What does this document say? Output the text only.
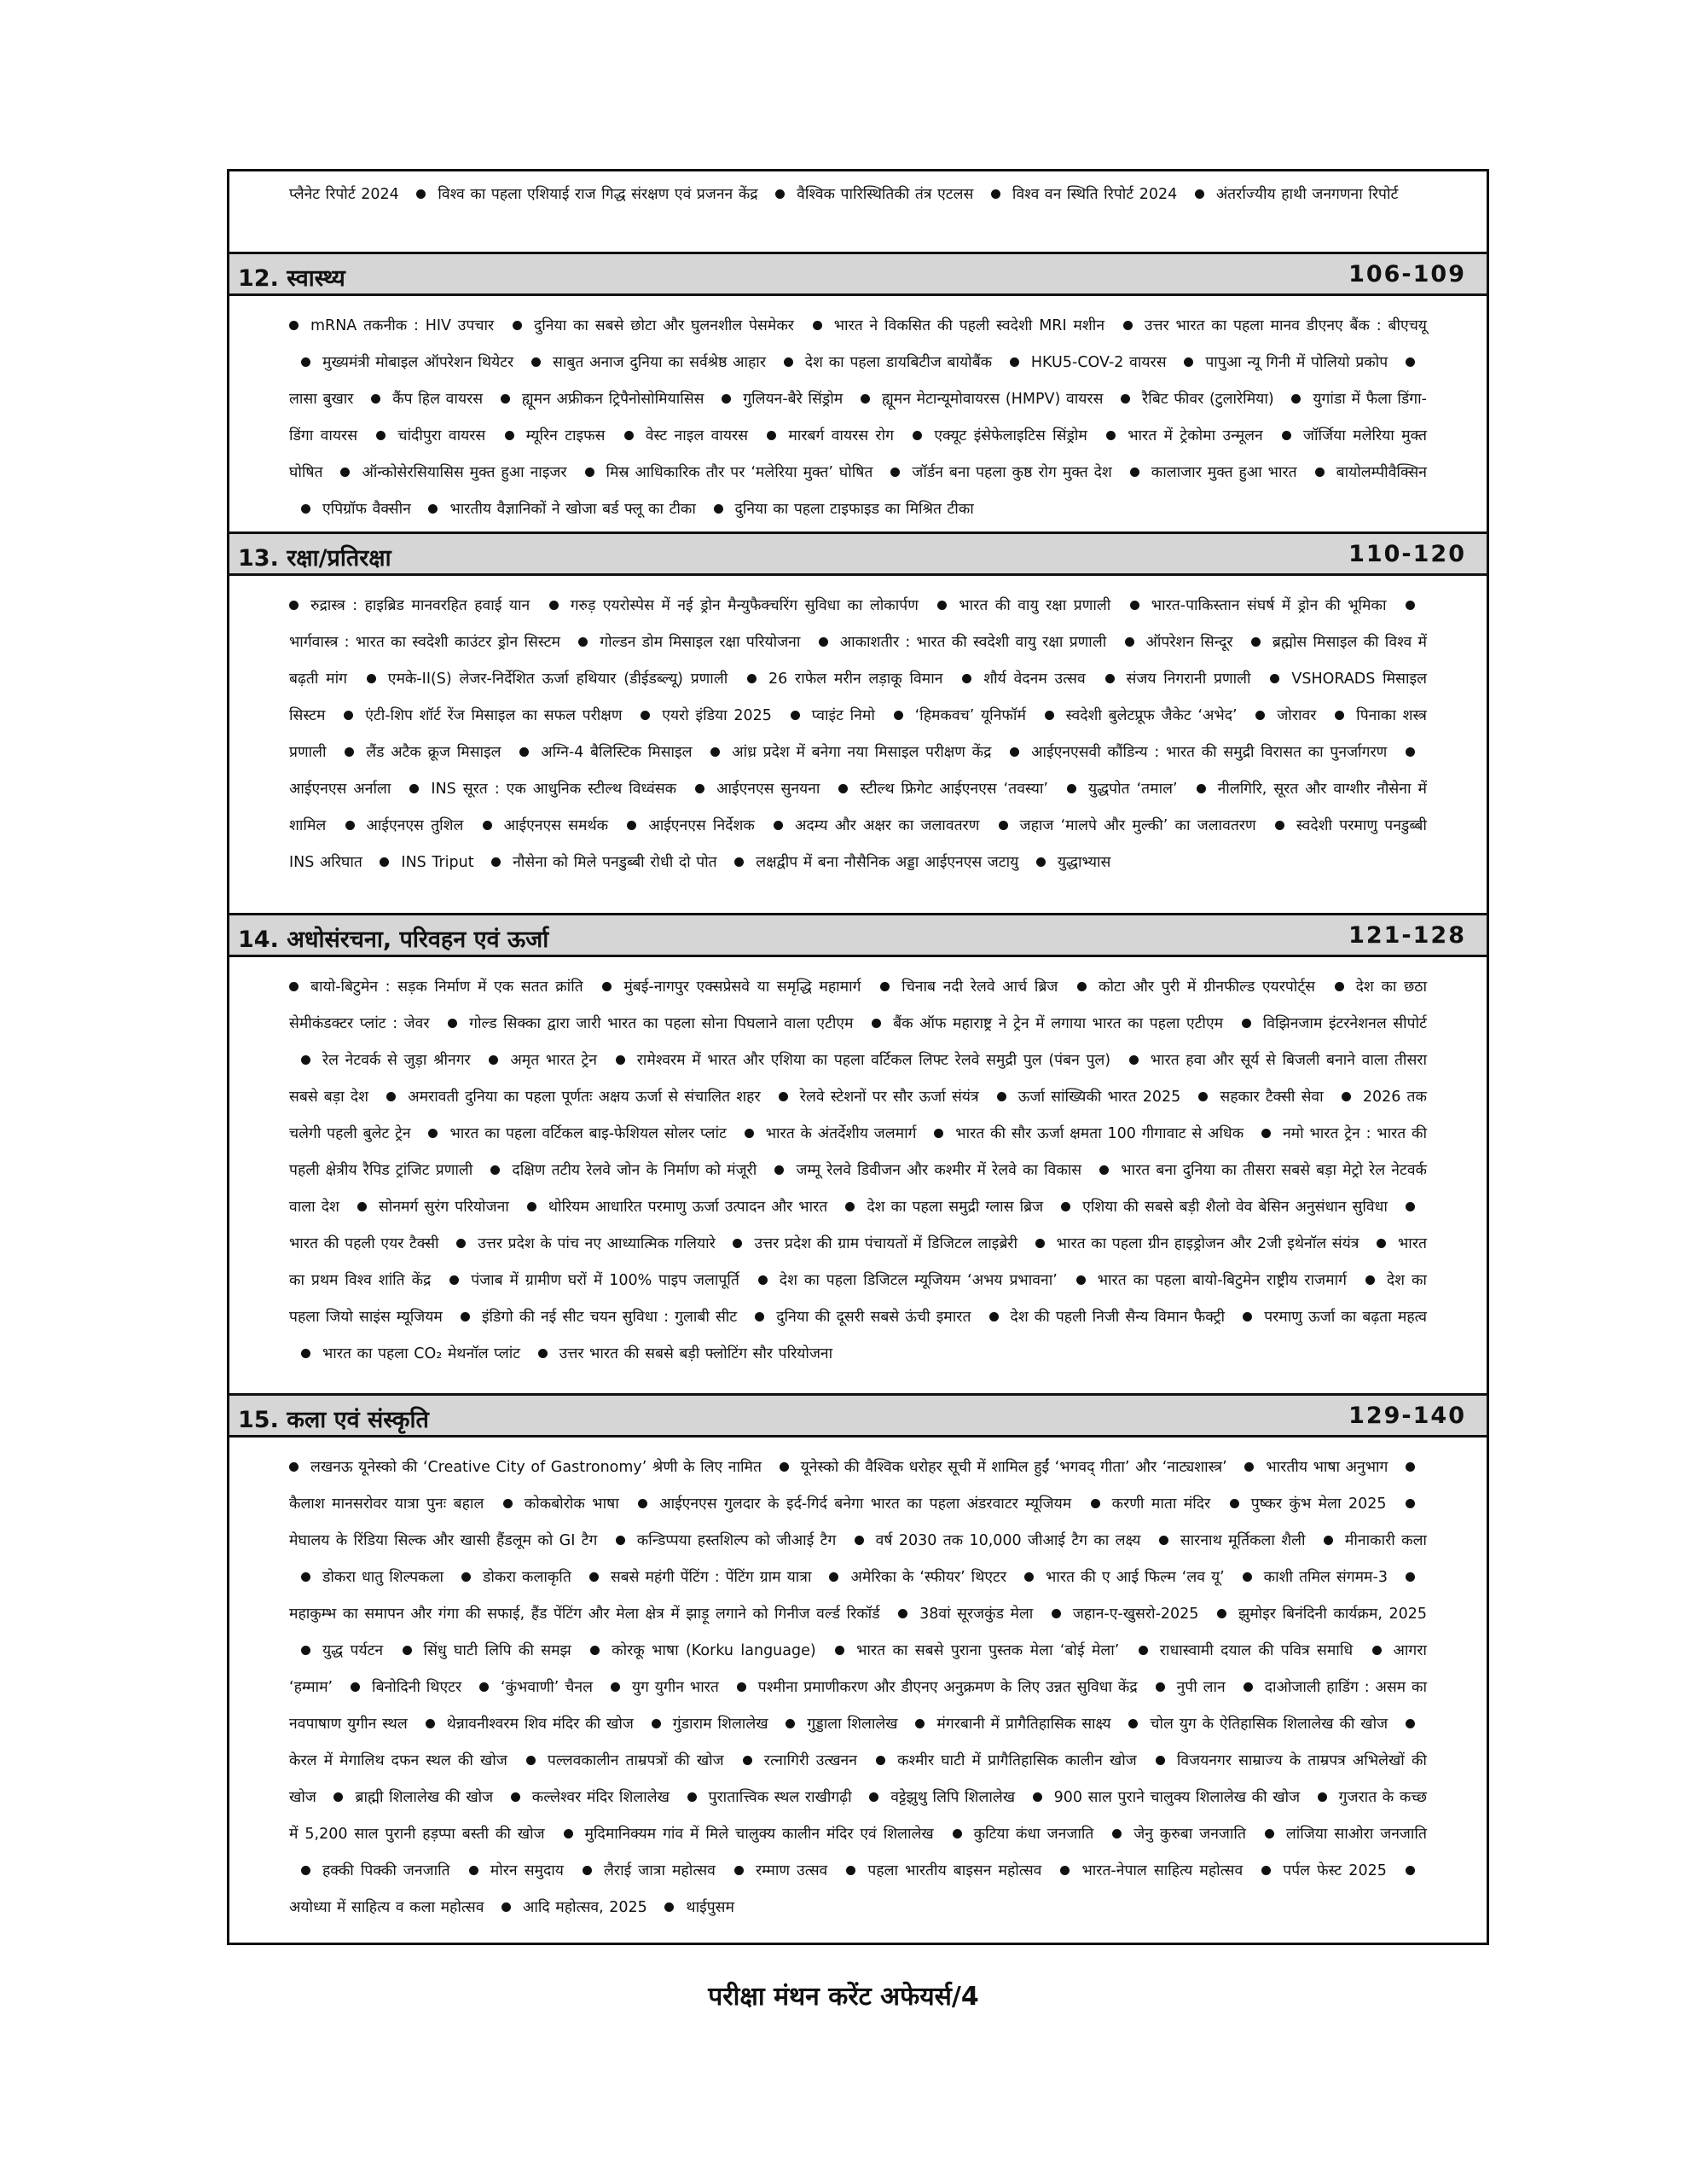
प्लैनेट रिपोर्ट 2024	विश्व का पहला एशियाई राज गिद्ध संरक्षण एवं प्रजनन केंद्र	वैश्विक पारिस्थितिकी तंत्र एटलस	विश्व वन स्थिति रिपोर्ट 2024	अंतर्राज्यीय हाथी जनगणना रिपोर्ट
12. स्वास्थ्य	106-109
mRNA तकनीक : HIV उपचार	दुनिया का सबसे छोटा और घुलनशील पेसमेकर	भारत ने विकसित की पहली स्वदेशी MRI मशीन	उत्तर भारत का पहला मानव डीएनए बैंक : बीएचयू मुख्यमंत्री मोबाइल ऑपरेशन थियेटर	साबुत अनाज दुनिया का सर्वश्रेष्ठ आहार	देश का पहला डायबिटीज बायोबैंक	HKU5-COV-2 वायरस	पापुआ न्यू गिनी में पोलियो प्रकोप लासा बुखार	कैंप हिल वायरस	ह्यूमन अफ्रीकन ट्रिपैनोसोमियासिस	गुलियन-बैरे सिंड्रोम	ह्यूमन मेटान्यूमोवायरस (HMPV) वायरस	रैबिट फीवर (टुलारेमिया)	युगांडा में फैला डिंगा-डिंगा वायरस	चांदीपुरा वायरस	म्यूरिन टाइफस	वेस्ट नाइल वायरस	मारबर्ग वायरस रोग	एक्यूट इंसेफेलाइटिस सिंड्रोम	भारत में ट्रेकोमा उन्मूलन	जॉर्जिया मलेरिया मुक्त घोषित	ऑन्कोसेरसियासिस मुक्त हुआ नाइजर	मिस्र आधिकारिक तौर पर ‘मलेरिया मुक्त’ घोषित	जॉर्डन बना पहला कुष्ठ रोग मुक्त देश	कालाजार मुक्त हुआ भारत	बायोलम्पीवैक्सिन एपिग्रॉफ वैक्सीन	भारतीय वैज्ञानिकों ने खोजा बर्ड फ्लू का टीका	दुनिया का पहला टाइफाइड का मिश्रित टीका
13. रक्षा/प्रतिरक्षा	110-120
रुद्रास्त्र : हाइब्रिड मानवरहित हवाई यान	गरुड़ एयरोस्पेस में नई ड्रोन मैन्युफैक्चरिंग सुविधा का लोकार्पण	भारत की वायु रक्षा प्रणाली	भारत-पाकिस्तान संघर्ष में ड्रोन की भूमिका भार्गवास्त्र : भारत का स्वदेशी काउंटर ड्रोन सिस्टम	गोल्डन डोम मिसाइल रक्षा परियोजना	आकाशतीर : भारत की स्वदेशी वायु रक्षा प्रणाली	ऑपरेशन सिन्दूर	ब्रह्मोस मिसाइल की विश्व में बढ़ती मांग	एमके-II(S) लेजर-निर्देशित ऊर्जा हथियार (डीईडब्ल्यू) प्रणाली	26 राफेल मरीन लड़ाकू विमान	शौर्य वेदनम उत्सव	संजय निगरानी प्रणाली	VSHORADS मिसाइल सिस्टम	एंटी-शिप शॉर्ट रेंज मिसाइल का सफल परीक्षण	एयरो इंडिया 2025	प्वाइंट निमो	‘हिमकवच’ यूनिफॉर्म	स्वदेशी बुलेटप्रूफ जैकेट ‘अभेद’	जोरावर	पिनाका शस्त्र प्रणाली	लैंड अटैक क्रूज मिसाइल	अग्नि-4 बैलिस्टिक मिसाइल	आंध्र प्रदेश में बनेगा नया मिसाइल परीक्षण केंद्र	आईएनएसवी कौंडिन्य : भारत की समुद्री विरासत का पुनर्जागरण आईएनएस अर्नाला	INS सूरत : एक आधुनिक स्टील्थ विध्वंसक	आईएनएस सुनयना	स्टील्थ फ्रिगेट आईएनएस ‘तवस्या’	युद्धपोत ‘तमाल’	नीलगिरि, सूरत और वाग्शीर नौसेना में शामिल	आईएनएस तुशिल	आईएनएस समर्थक	आईएनएस निर्देशक	अदम्य और अक्षर का जलावतरण	जहाज ‘मालपे और मुल्की’ का जलावतरण	स्वदेशी परमाणु पनडुब्बी INS अरिघात	INS Triput	नौसेना को मिले पनडुब्बी रोधी दो पोत	लक्षद्वीप में बना नौसैनिक अड्डा आईएनएस जटायु	युद्धाभ्यास
14. अधोसंरचना, परिवहन एवं ऊर्जा	121-128
बायो-बिटुमेन : सड़क निर्माण में एक सतत क्रांति	मुंबई-नागपुर एक्सप्रेसवे या समृद्धि महामार्ग	चिनाब नदी रेलवे आर्च ब्रिज	कोटा और पुरी में ग्रीनफील्ड एयरपोर्ट्स	देश का छठा सेमीकंडक्टर प्लांट : जेवर	गोल्ड सिक्का द्वारा जारी भारत का पहला सोना पिघलाने वाला एटीएम	बैंक ऑफ महाराष्ट्र ने ट्रेन में लगाया भारत का पहला एटीएम	विझिनजाम इंटरनेशनल सीपोर्ट रेल नेटवर्क से जुड़ा श्रीनगर	अमृत भारत ट्रेन	रामेश्वरम में भारत और एशिया का पहला वर्टिकल लिफ्ट रेलवे समुद्री पुल (पंबन पुल)	भारत हवा और सूर्य से बिजली बनाने वाला तीसरा सबसे बड़ा देश	अमरावती दुनिया का पहला पूर्णतः अक्षय ऊर्जा से संचालित शहर	रेलवे स्टेशनों पर सौर ऊर्जा संयंत्र	ऊर्जा सांख्यिकी भारत 2025	सहकार टैक्सी सेवा	2026 तक चलेगी पहली बुलेट ट्रेन	भारत का पहला वर्टिकल बाइ-फेशियल सोलर प्लांट	भारत के अंतर्देशीय जलमार्ग	भारत की सौर ऊर्जा क्षमता 100 गीगावाट से अधिक	नमो भारत ट्रेन : भारत की पहली क्षेत्रीय रैपिड ट्रांजिट प्रणाली	दक्षिण तटीय रेलवे जोन के निर्माण को मंजूरी	जम्मू रेलवे डिवीजन और कश्मीर में रेलवे का विकास	भारत बना दुनिया का तीसरा सबसे बड़ा मेट्रो रेल नेटवर्क वाला देश	सोनमर्ग सुरंग परियोजना	थोरियम आधारित परमाणु ऊर्जा उत्पादन और भारत	देश का पहला समुद्री ग्लास ब्रिज	एशिया की सबसे बड़ी शैलो वेव बेसिन अनुसंधान सुविधा भारत की पहली एयर टैक्सी	उत्तर प्रदेश के पांच नए आध्यात्मिक गलियारे	उत्तर प्रदेश की ग्राम पंचायतों में डिजिटल लाइब्रेरी	भारत का पहला ग्रीन हाइड्रोजन और 2जी इथेनॉल संयंत्र	भारत का प्रथम विश्व शांति केंद्र	पंजाब में ग्रामीण घरों में 100% पाइप जलापूर्ति	देश का पहला डिजिटल म्यूजियम ‘अभय प्रभावना’	भारत का पहला बायो-बिटुमेन राष्ट्रीय राजमार्ग	देश का पहला जियो साइंस म्यूजियम	इंडिगो की नई सीट चयन सुविधा : गुलाबी सीट	दुनिया की दूसरी सबसे ऊंची इमारत	देश की पहली निजी सैन्य विमान फैक्ट्री	परमाणु ऊर्जा का बढ़ता महत्व भारत का पहला CO₂ मेथनॉल प्लांट	उत्तर भारत की सबसे बड़ी फ्लोटिंग सौर परियोजना
15. कला एवं संस्कृति	129-140
लखनऊ यूनेस्को की ‘Creative City of Gastronomy’ श्रेणी के लिए नामित	यूनेस्को की वैश्विक धरोहर सूची में शामिल हुईं ‘भगवद् गीता’ और ‘नाट्यशास्त्र’	भारतीय भाषा अनुभाग कैलाश मानसरोवर यात्रा पुनः बहाल	कोकबोरोक भाषा	आईएनएस गुलदार के इर्द-गिर्द बनेगा भारत का पहला अंडरवाटर म्यूजियम	करणी माता मंदिर	पुष्कर कुंभ मेला 2025 मेघालय के रिंडिया सिल्क और खासी हैंडलूम को GI टैग	कन्डिप्पया हस्तशिल्प को जीआई टैग	वर्ष 2030 तक 10,000 जीआई टैग का लक्ष्य	सारनाथ मूर्तिकला शैली	मीनाकारी कला डोकरा धातु शिल्पकला	डोकरा कलाकृति	सबसे महंगी पेंटिंग : पेंटिंग ग्राम यात्रा	अमेरिका के ‘स्फीयर’ थिएटर	भारत की ए आई फिल्म ‘लव यू’	काशी तमिल संगमम-3 महाकुम्भ का समापन और गंगा की सफाई, हैंड पेंटिंग और मेला क्षेत्र में झाड़ू लगाने को गिनीज वर्ल्ड रिकॉर्ड	38वां सूरजकुंड मेला	जहान-ए-खुसरो-2025	झुमोइर बिनंदिनी कार्यक्रम, 2025 युद्ध पर्यटन	सिंधु घाटी लिपि की समझ	कोरकू भाषा (Korku language)	भारत का सबसे पुराना पुस्तक मेला ‘बोई मेला’	राधास्वामी दयाल की पवित्र समाधि	आगरा ‘हम्माम’	बिनोदिनी थिएटर	‘कुंभवाणी’ चैनल	युग युगीन भारत	पश्मीना प्रमाणीकरण और डीएनए अनुक्रमण के लिए उन्नत सुविधा केंद्र	नुपी लान	दाओजाली हाडिंग : असम का नवपाषाण युगीन स्थल	थेन्नावनीश्वरम शिव मंदिर की खोज	गुंडाराम शिलालेख	गुड्डाला शिलालेख	मंगरबानी में प्रागैतिहासिक साक्ष्य	चोल युग के ऐतिहासिक शिलालेख की खोज केरल में मेगालिथ दफन स्थल की खोज	पल्लवकालीन ताम्रपत्रों की खोज	रत्नागिरी उत्खनन	कश्मीर घाटी में प्रागैतिहासिक कालीन खोज	विजयनगर साम्राज्य के ताम्रपत्र अभिलेखों की खोज	ब्राह्मी शिलालेख की खोज	कल्लेश्वर मंदिर शिलालेख	पुरातात्त्विक स्थल राखीगढ़ी	वट्टेझुथु लिपि शिलालेख	900 साल पुराने चालुक्य शिलालेख की खोज	गुजरात के कच्छ में 5,200 साल पुरानी हड़प्पा बस्ती की खोज	मुदिमानिक्यम गांव में मिले चालुक्य कालीन मंदिर एवं शिलालेख	कुटिया कंधा जनजाति	जेनु कुरुबा जनजाति	लांजिया साओरा जनजाति हक्की पिक्की जनजाति	मोरन समुदाय	लैराई जात्रा महोत्सव	रम्माण उत्सव	पहला भारतीय बाइसन महोत्सव	भारत-नेपाल साहित्य महोत्सव	पर्पल फेस्ट 2025 अयोध्या में साहित्य व कला महोत्सव	आदि महोत्सव, 2025	थाईपुसम
परीक्षा मंथन करेंट अफेयर्स/4
